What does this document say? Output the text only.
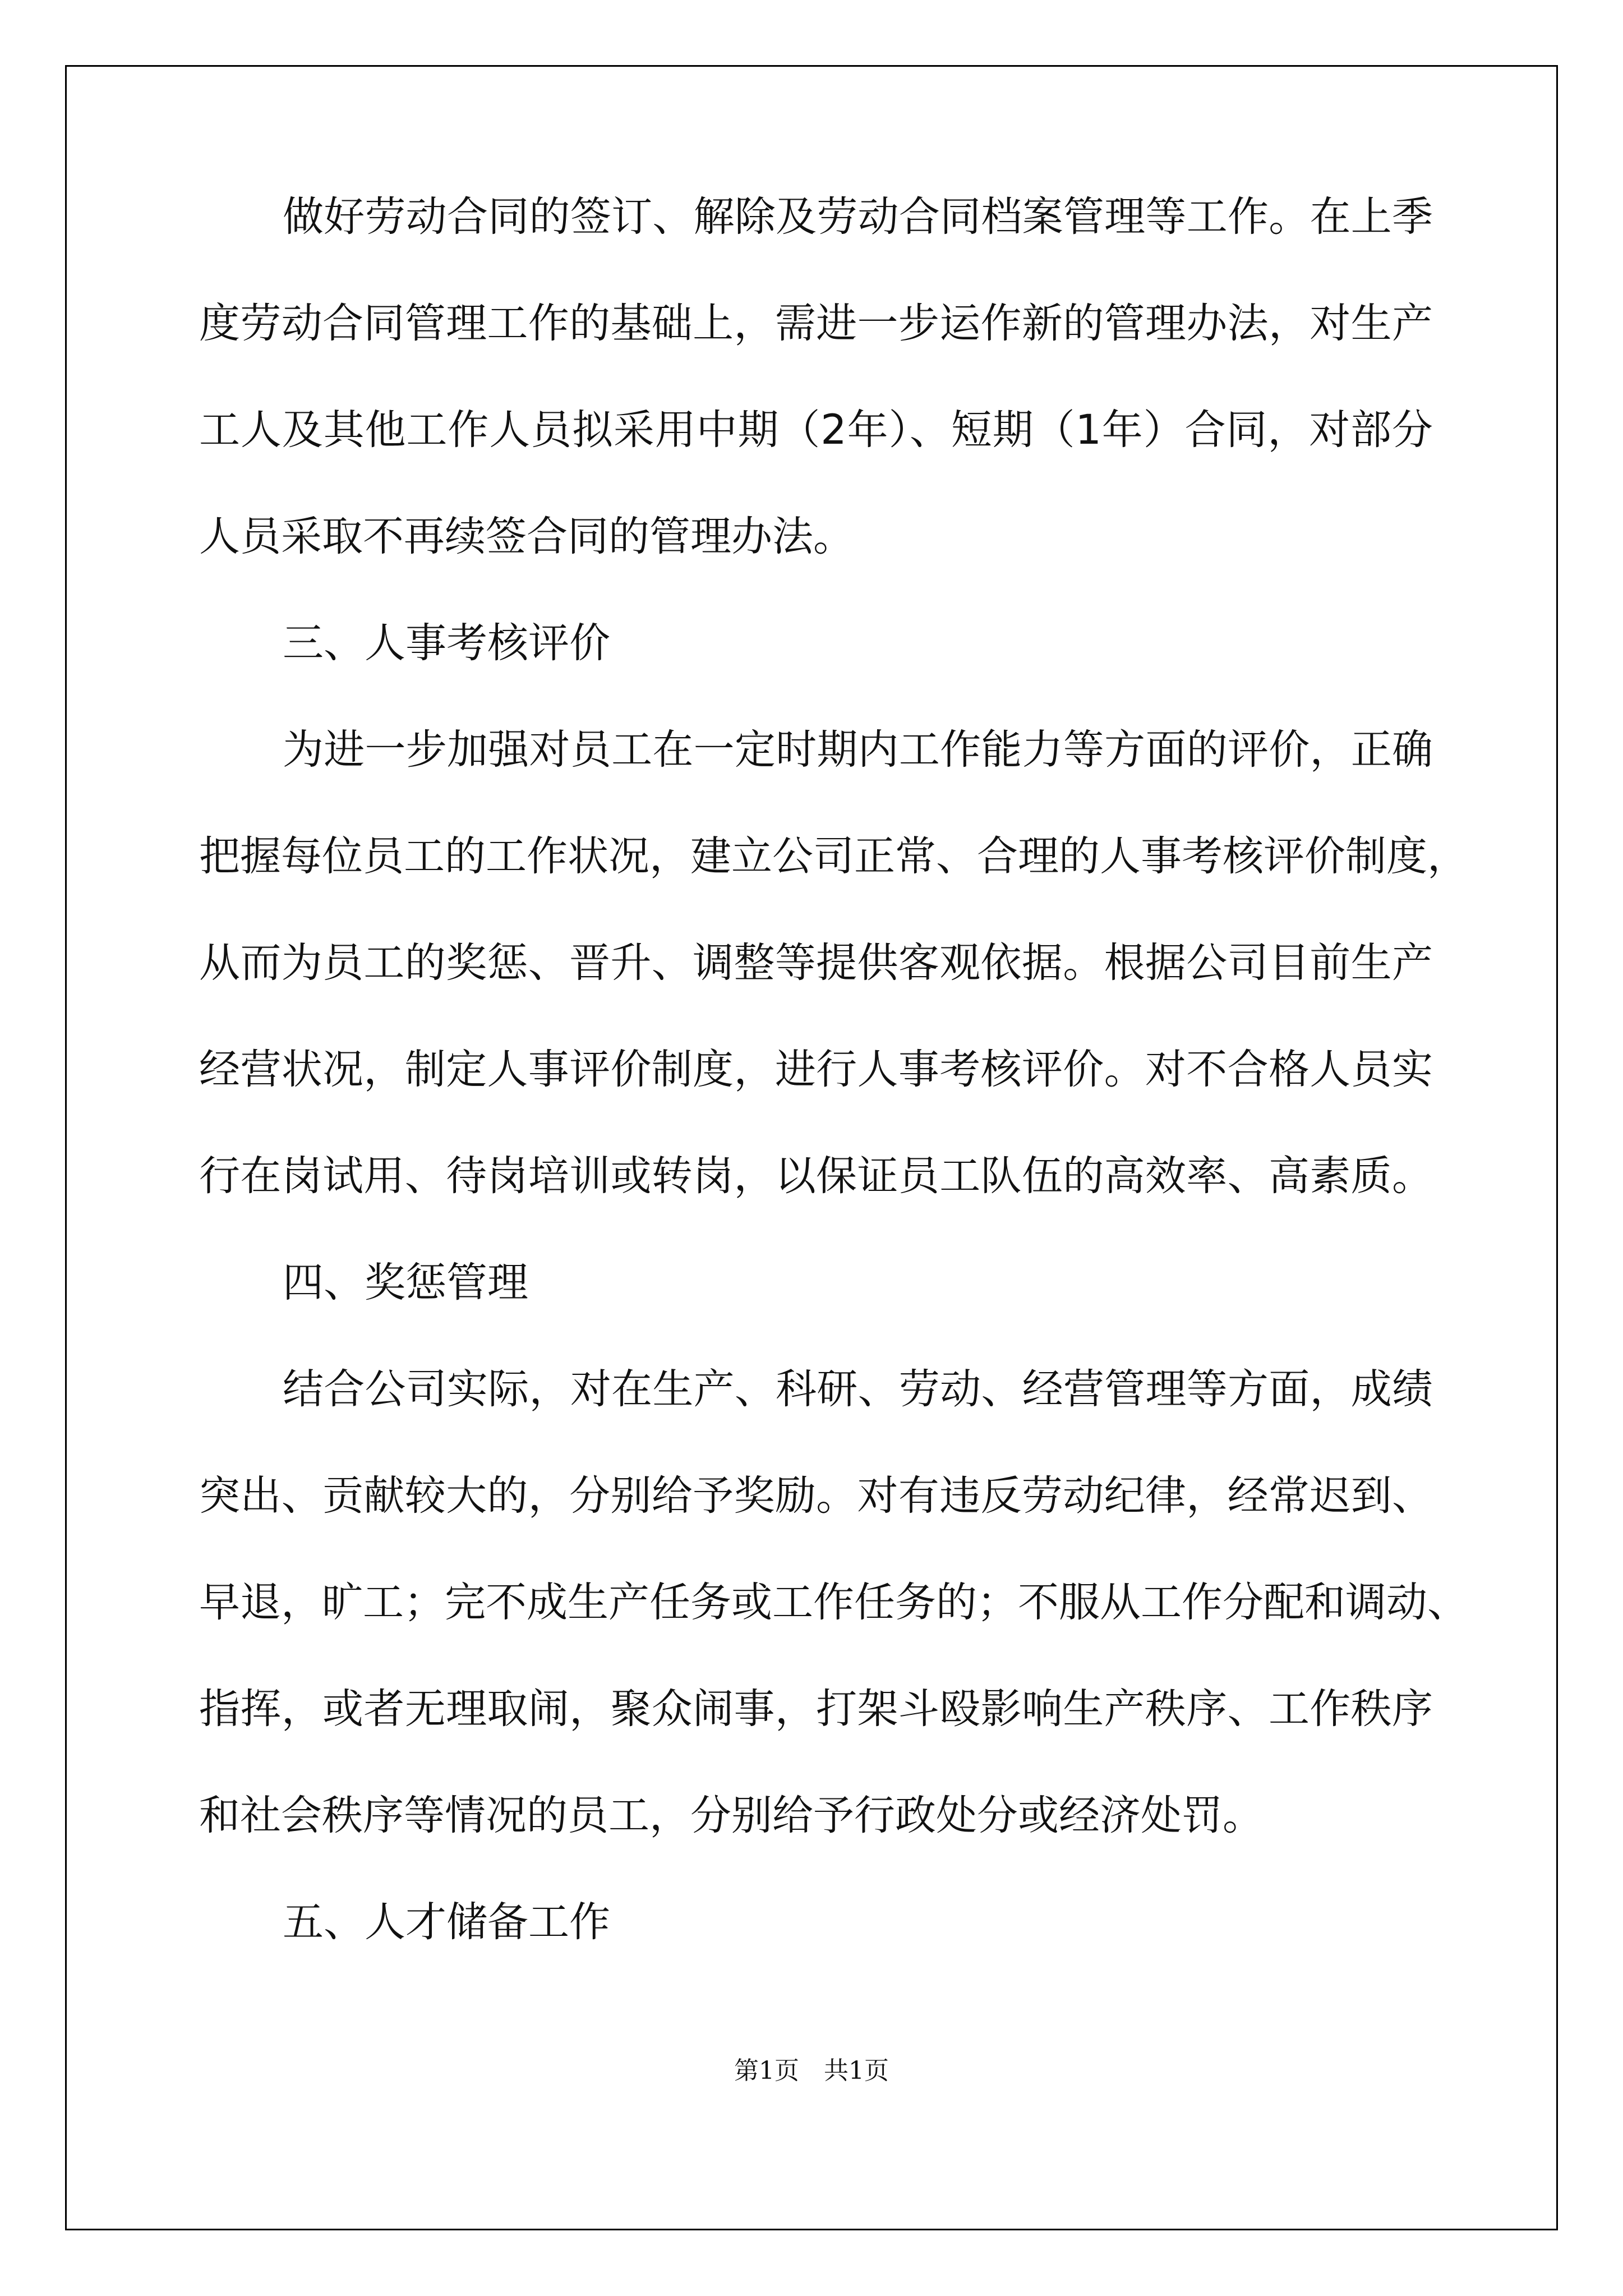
做好劳动合同的签订、解除及劳动合同档案管理等工作。在上季
度劳动合同管理工作的基础上，需进一步运作新的管理办法，对生产
工人及其他工作人员拟采用中期（2年）、短期（1年）合同，对部分
人员采取不再续签合同的管理办法。
三、人事考核评价
为进一步加强对员工在一定时期内工作能力等方面的评价，正确
把握每位员工的工作状况，建立公司正常、合理的人事考核评价制度，
从而为员工的奖惩、晋升、调整等提供客观依据。根据公司目前生产
经营状况，制定人事评价制度，进行人事考核评价。对不合格人员实
行在岗试用、待岗培训或转岗，以保证员工队伍的高效率、高素质。
四、奖惩管理
结合公司实际，对在生产、科研、劳动、经营管理等方面，成绩
突出、贡献较大的，分别给予奖励。对有违反劳动纪律，经常迟到、
早退，旷工；完不成生产任务或工作任务的；不服从工作分配和调动、
指挥，或者无理取闹，聚众闹事，打架斗殴影响生产秩序、工作秩序
和社会秩序等情况的员工，分别给予行政处分或经济处罚。
五、人才储备工作
第1页　共1页
